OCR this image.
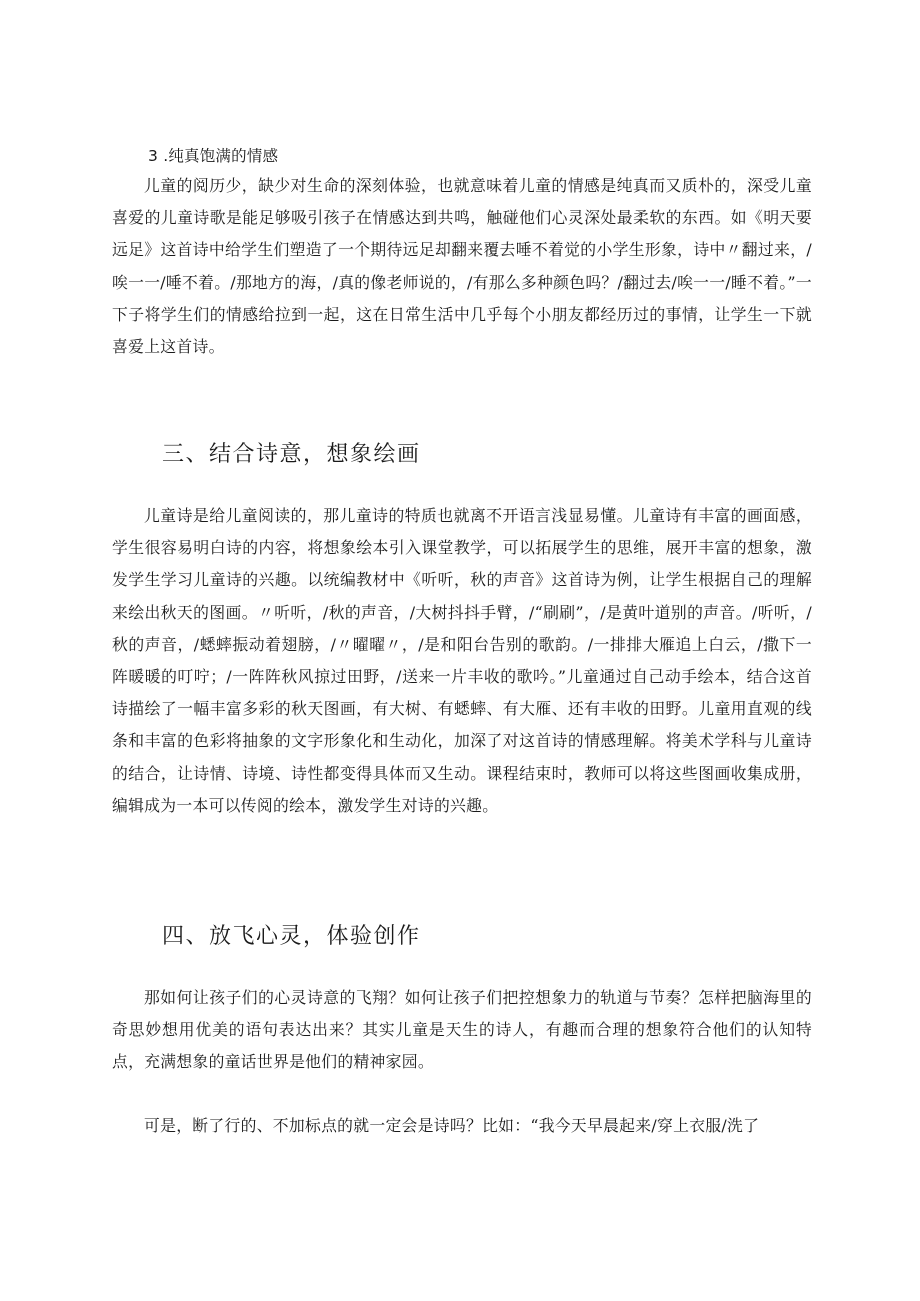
3 .纯真饱满的情感

儿童的阅历少，缺少对生命的深刻体验，也就意味着儿童的情感是纯真而又质朴的，深受儿童喜爱的儿童诗歌是能足够吸引孩子在情感达到共鸣，触碰他们心灵深处最柔软的东西。如《明天要远足》这首诗中给学生们塑造了一个期待远足却翻来覆去唾不着觉的小学生形象，诗中〃翻过来，/唉一一/唾不着。/那地方的海，/真的像老师说的，/有那么多种颜色吗？/翻过去/唉一一/睡不着。”一下子将学生们的情感给拉到一起，这在日常生活中几乎每个小朋友都经历过的事情，让学生一下就喜爱上这首诗。

三、结合诗意，想象绘画

儿童诗是给儿童阅读的，那儿童诗的特质也就离不开语言浅显易懂。儿童诗有丰富的画面感，学生很容易明白诗的内容，将想象绘本引入课堂教学，可以拓展学生的思维，展开丰富的想象，激发学生学习儿童诗的兴趣。以统编教材中《听听，秋的声音》这首诗为例，让学生根据自己的理解来绘出秋天的图画。〃听听，/秋的声音，/大树抖抖手臂，/“刷刷”，/是黄叶道别的声音。/听听，/秋的声音，/蟋蟀振动着翅膀，/〃曜曜〃，/是和阳台告别的歌韵。/一排排大雁追上白云，/撒下一阵暖暖的叮咛；/一阵阵秋风掠过田野，/送来一片丰收的歌吟。”儿童通过自己动手绘本，结合这首诗描绘了一幅丰富多彩的秋天图画，有大树、有蟋蟀、有大雁、还有丰收的田野。儿童用直观的线条和丰富的色彩将抽象的文字形象化和生动化，加深了对这首诗的情感理解。将美术学科与儿童诗的结合，让诗情、诗境、诗性都变得具体而又生动。课程结束时，教师可以将这些图画收集成册，编辑成为一本可以传阅的绘本，激发学生对诗的兴趣。

四、放飞心灵，体验创作

那如何让孩子们的心灵诗意的飞翔？如何让孩子们把控想象力的轨道与节奏？怎样把脑海里的奇思妙想用优美的语句表达出来？其实儿童是天生的诗人，有趣而合理的想象符合他们的认知特点，充满想象的童话世界是他们的精神家园。

可是，断了行的、不加标点的就一定会是诗吗？比如：“我今天早晨起来/穿上衣服/洗了
